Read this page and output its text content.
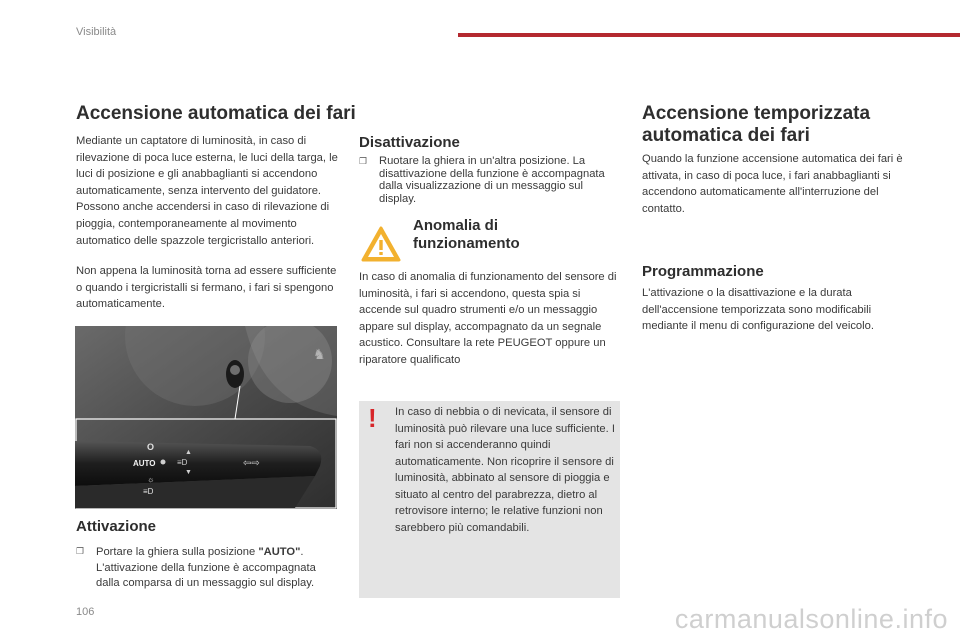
Visibilità
Accensione automatica dei fari
Mediante un captatore di luminosità, in caso di rilevazione di poca luce esterna, le luci della targa, le luci di posizione e gli anabbaglianti si accendono automaticamente, senza intervento del guidatore. Possono anche accendersi in caso di rilevazione di pioggia, contemporaneamente al movimento automatico delle spazzole tergicristallo anteriori.
Non appena la luminosità torna ad essere sufficiente o quando i tergicristalli si fermano, i fari si spengono automaticamente.
♞
AUTO
O
☼
≡D
≡D
▲
▼
⇦⇨
Attivazione
❐	Portare la ghiera sulla posizione "AUTO". L'attivazione della funzione è accompagnata dalla comparsa di un messaggio sul display.
Disattivazione
❐	Ruotare la ghiera in un'altra posizione. La disattivazione della funzione è accompagnata dalla visualizzazione di un messaggio sul display.
Anomalia di funzionamento
In caso di anomalia di funzionamento del sensore di luminosità, i fari si accendono, questa spia si accende sul quadro strumenti e/o un messaggio appare sul display, accompagnato da un segnale acustico. Consultare la rete PEUGEOT oppure un riparatore qualificato
! In caso di nebbia o di nevicata, il sensore di luminosità può rilevare una luce sufficiente. I fari non si accenderanno quindi automaticamente. Non ricoprire il sensore di luminosità, abbinato al sensore di pioggia e situato al centro del parabrezza, dietro al retrovisore interno; le relative funzioni non sarebbero più comandabili.
Accensione temporizzata automatica dei fari
Quando la funzione accensione automatica dei fari è attivata, in caso di poca luce, i fari anabbaglianti si accendono automaticamente all'interruzione del contatto.
Programmazione
L'attivazione o la disattivazione e la durata dell'accensione temporizzata sono modificabili mediante il menu di configurazione del veicolo.
106	carmanualsonline.info
